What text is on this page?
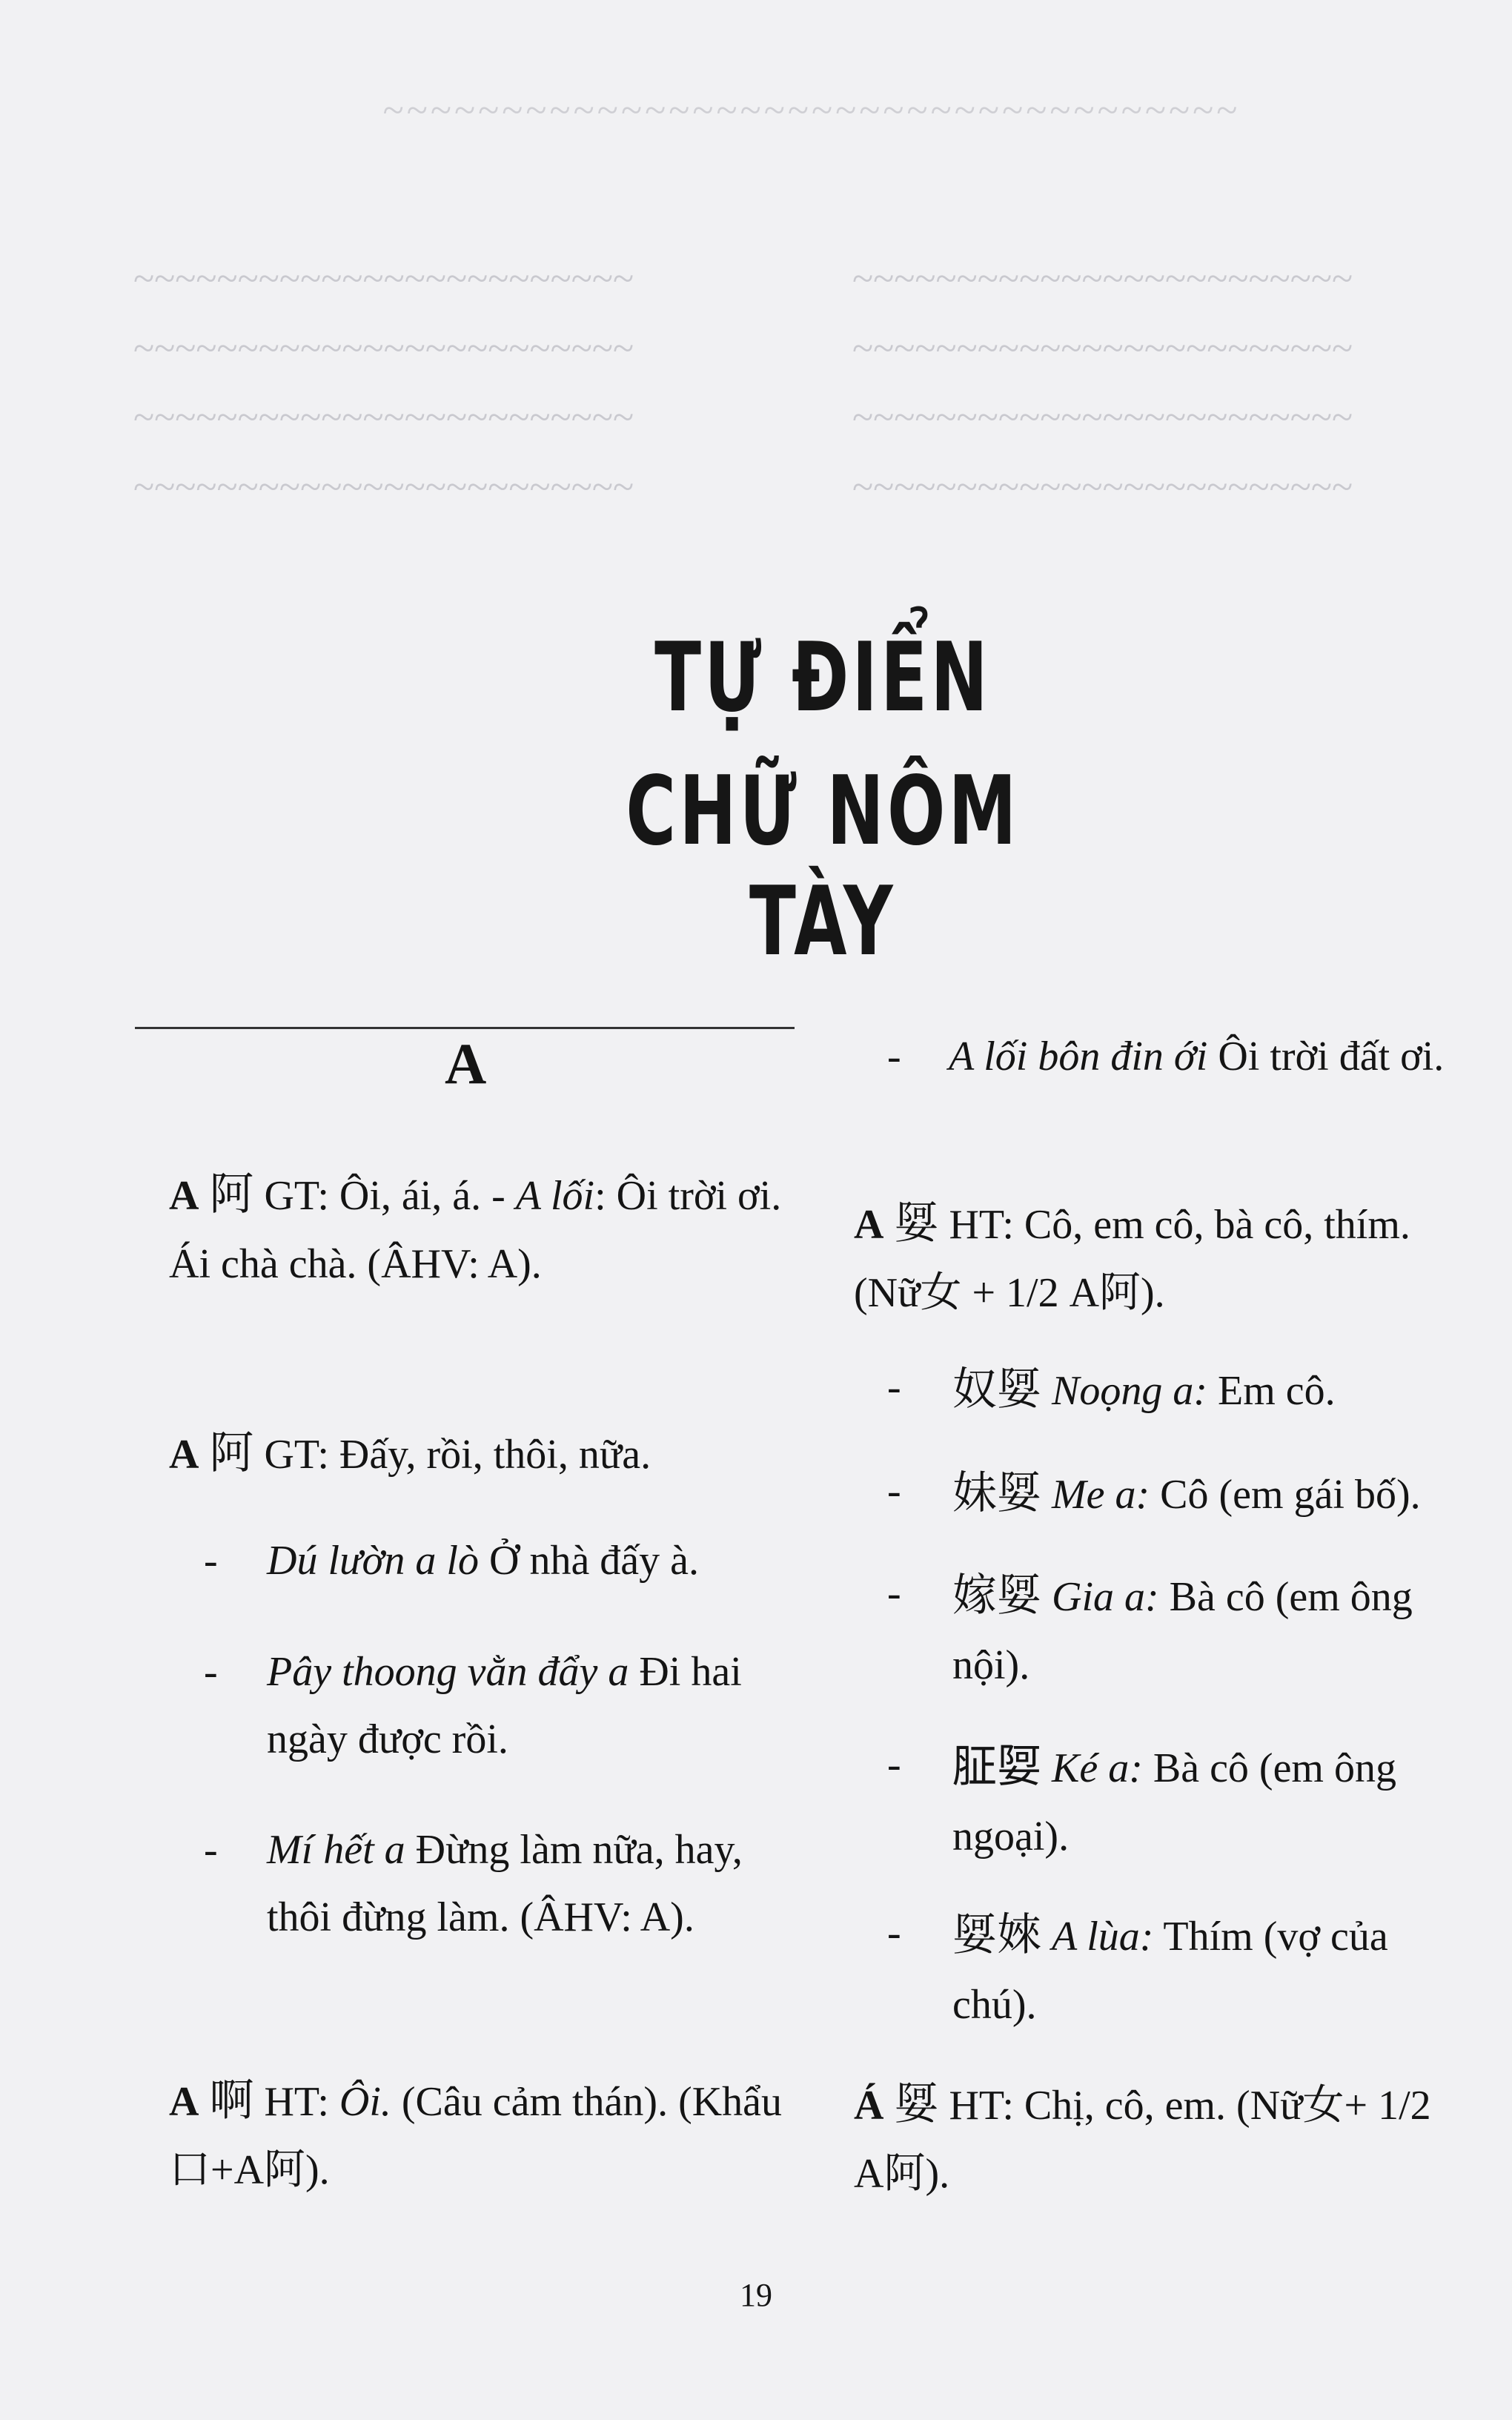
~~~~~~~~~~~~~~~~~~~~~~~~~~~~~~~~~~~~
~~~~~~~~~~~~~~~~~~~~~~~~
~~~~~~~~~~~~~~~~~~~~~~~~
~~~~~~~~~~~~~~~~~~~~~~~~
~~~~~~~~~~~~~~~~~~~~~~~~
~~~~~~~~~~~~~~~~~~~~~~~~
~~~~~~~~~~~~~~~~~~~~~~~~
~~~~~~~~~~~~~~~~~~~~~~~~
~~~~~~~~~~~~~~~~~~~~~~~~
TỰ ĐIỂN
CHỮ NÔM TÀY
A
A 阿 GT: Ôi, ái, á. - A lối: Ôi trời ơi. Ái chà chà. (ÂHV: A).
A 阿 GT: Đấy, rồi, thôi, nữa.
- Dú lườn a lò Ở nhà đấy à.
- Pây thoong vằn đẩy a Đi hai ngày được rồi.
- Mí hết a Đừng làm nữa, hay, thôi đừng làm. (ÂHV: A).
A 啊 HT: Ôi. (Câu cảm thán). (Khẩu口+A阿).
- A lối bôn đin ới Ôi trời đất ơi.
A 娿 HT: Cô, em cô, bà cô, thím. (Nữ女 + 1/2 A阿).
- 奴娿 Noọng a: Em cô.
- 妹娿 Me a: Cô (em gái bố).
- 嫁娿 Gia a: Bà cô (em ông nội).
- 𦙫娿 Ké a: Bà cô (em ông ngoại).
- 娿婡 A lùa: Thím (vợ của chú).
Á 娿 HT: Chị, cô, em. (Nữ女+ 1/2 A阿).
19
